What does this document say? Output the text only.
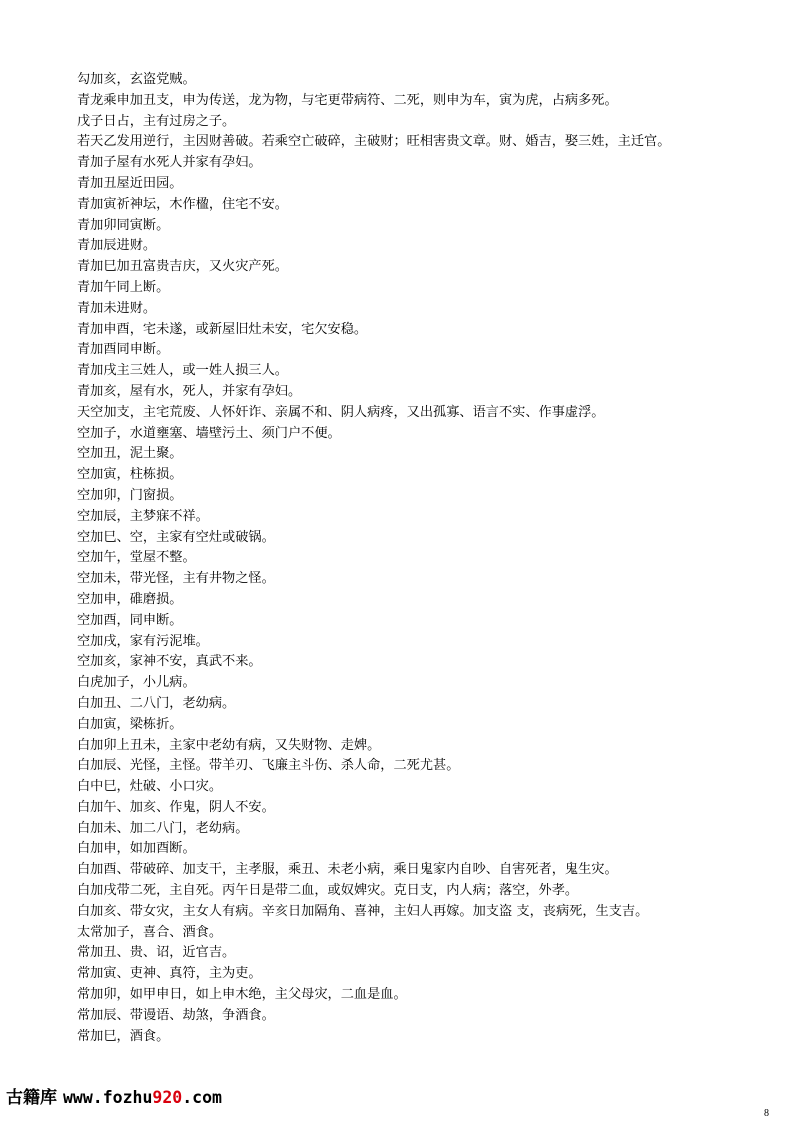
勾加亥，玄盗党贼。
青龙乘申加丑支，申为传送，龙为物，与宅更带病符、二死，则申为车，寅为虎，占病多死。
戊子日占，主有过房之子。
若天乙发用逆行，主因财善破。若乘空亡破碎，主破财；旺相害贵文章。财、婚吉，娶三姓，主迁官。
青加子屋有水死人并家有孕妇。
青加丑屋近田园。
青加寅祈神坛，木作楹，住宅不安。
青加卯同寅断。
青加辰进财。
青加巳加丑富贵吉庆，又火灾产死。
青加午同上断。
青加未进财。
青加申酉，宅未遂，或新屋旧灶未安，宅欠安稳。
青加酉同申断。
青加戌主三姓人，或一姓人损三人。
青加亥，屋有水，死人，并家有孕妇。
天空加支，主宅荒废、人怀奸诈、亲属不和、阴人病疼，又出孤寡、语言不实、作事虚浮。
空加子，水道壅塞、墙壁污土、须门户不便。
空加丑，泥土聚。
空加寅，柱栋损。
空加卯，门窗损。
空加辰，主梦寐不祥。
空加巳、空，主家有空灶或破锅。
空加午，堂屋不整。
空加未，带光怪，主有井物之怪。
空加申，碓磨损。
空加酉，同申断。
空加戌，家有污泥堆。
空加亥，家神不安，真武不来。
白虎加子，小儿病。
白加丑、二八门，老幼病。
白加寅，梁栋折。
白加卯上丑未，主家中老幼有病，又失财物、走婢。
白加辰、光怪，主怪。带羊刃、飞廉主斗伤、杀人命，二死尤甚。
白中巳，灶破、小口灾。
白加午、加亥、作鬼，阴人不安。
白加未、加二八门，老幼病。
白加申，如加酉断。
白加酉、带破碎、加支干，主孝服，乘丑、未老小病，乘日鬼家内自吵、自害死者，鬼生灾。
白加戌带二死，主自死。丙午日是带二血，或奴婢灾。克日支，内人病；落空，外孝。
白加亥、带女灾，主女人有病。辛亥日加隔角、喜神，主妇人再嫁。加支盗 支，丧病死，生支吉。
太常加子，喜合、酒食。
常加丑、贵、诏，近官吉。
常加寅、吏神、真符，主为吏。
常加卯，如甲申日，如上申木绝，主父母灾，二血是血。
常加辰、带谩语、劫煞，争酒食。
常加巳，酒食。
古籍库 www.fozhu920.com
8
